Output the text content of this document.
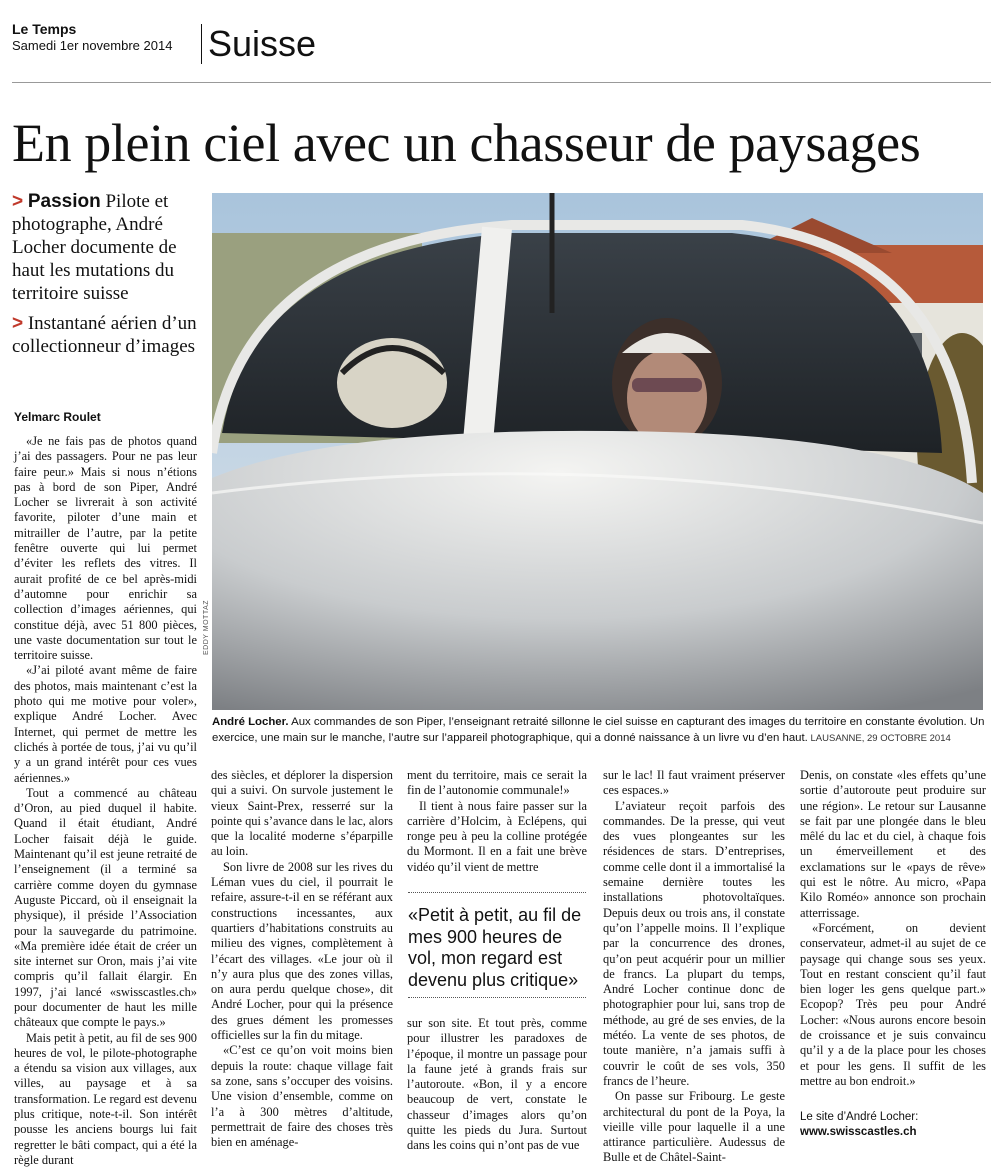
Le Temps
Samedi 1er novembre 2014 Suisse
En plein ciel avec un chasseur de paysages
> Passion Pilote et photographe, André Locher documente de haut les mutations du territoire suisse
> Instantané aérien d’un collectionneur d’images
Yelmarc Roulet
EDDY MOTTAZ
André Locher. Aux commandes de son Piper, l’enseignant retraité sillonne le ciel suisse en capturant des images du territoire en constante évolution. Un exercice, une main sur le manche, l’autre sur l’appareil photographique, qui a donné naissance à un livre vu d’en haut. LAUSANNE, 29 OCTOBRE 2014

«Je ne fais pas de photos quand j’ai des passagers. Pour ne pas leur faire peur.» Mais si nous n’étions pas à bord de son Piper, André Locher se livrerait à son activité favorite, piloter d’une main et mitrailler de l’autre, par la petite fenêtre ouverte qui lui permet d’éviter les reflets des vitres. Il aurait profité de ce bel après-midi d’automne pour enrichir sa collection d’images aériennes, qui constitue déjà, avec 51 800 pièces, une vaste documentation sur tout le territoire suisse.

«J’ai piloté avant même de faire des photos, mais maintenant c’est la photo qui me motive pour voler», explique André Locher. Avec Internet, qui permet de mettre les clichés à portée de tous, j’ai vu qu’il y a un grand intérêt pour ces vues aériennes.»

Tout a commencé au château d’Oron, au pied duquel il habite. Quand il était étudiant, André Locher faisait déjà le guide. Maintenant qu’il est jeune retraité de l’enseignement (il a terminé sa carrière comme doyen du gymnase Auguste Piccard, où il enseignait la physique), il préside l’Association pour la sauvegarde du patrimoine. «Ma première idée était de créer un site internet sur Oron, mais j’ai vite compris qu’il fallait élargir. En 1997, j’ai lancé «swisscastles.ch» pour documenter de haut les mille châteaux que compte le pays.»

Mais petit à petit, au fil de ses 900 heures de vol, le pilote-photographe a étendu sa vision aux villages, aux villes, au paysage et à sa transformation. Le regard est devenu plus critique, note-t-il. Son intérêt pousse les anciens bourgs lui fait regretter le bâti compact, qui a été la règle durant

des siècles, et déplorer la dispersion qui a suivi. On survole justement le vieux Saint-Prex, resserré sur la pointe qui s’avance dans le lac, alors que la localité moderne s’éparpille au loin.

Son livre de 2008 sur les rives du Léman vues du ciel, il pourrait le refaire, assure-t-il en se référant aux constructions incessantes, aux quartiers d’habitations construits au milieu des vignes, complètement à l’écart des villages. «Le jour où il n’y aura plus que des zones villas, on aura perdu quelque chose», dit André Locher, pour qui la présence des grues dément les promesses officielles sur la fin du mitage.

«C’est ce qu’on voit moins bien depuis la route: chaque village fait sa zone, sans s’occuper des voisins. Une vision d’ensemble, comme on l’a à 300 mètres d’altitude, permettrait de faire des choses très bien en aménage-

ment du territoire, mais ce serait la fin de l’autonomie communale!»

Il tient à nous faire passer sur la carrière d’Holcim, à Eclépens, qui ronge peu à peu la colline protégée du Mormont. Il en a fait une brève vidéo qu’il vient de mettre

«Petit à petit, au fil de mes 900 heures de vol, mon regard est devenu plus critique»

sur son site. Et tout près, comme pour illustrer les paradoxes de l’époque, il montre un passage pour la faune jeté à grands frais sur l’autoroute. «Bon, il y a encore beaucoup de vert, constate le chasseur d’images alors qu’on quitte les pieds du Jura. Surtout dans les coins qui n’ont pas de vue

sur le lac! Il faut vraiment préserver ces espaces.»

L’aviateur reçoit parfois des commandes. De la presse, qui veut des vues plongeantes sur les résidences de stars. D’entreprises, comme celle dont il a immortalisé la semaine dernière toutes les installations photovoltaïques. Depuis deux ou trois ans, il constate qu’on l’appelle moins. Il l’explique par la concurrence des drones, qu’on peut acquérir pour un millier de francs. La plupart du temps, André Locher continue donc de photographier pour lui, sans trop de méthode, au gré de ses envies, de la météo. La vente de ses photos, de toute manière, n’a jamais suffi à couvrir le coût de ses vols, 350 francs de l’heure.

On passe sur Fribourg. Le geste architectural du pont de la Poya, la vieille ville pour laquelle il a une attirance particulière. Audessus de Bulle et de Châtel-Saint-

Denis, on constate «les effets qu’une sortie d’autoroute peut produire sur une région». Le retour sur Lausanne se fait par une plongée dans le bleu mêlé du lac et du ciel, à chaque fois un émerveillement et des exclamations sur le «pays de rêve» qui est le nôtre. Au micro, «Papa Kilo Roméo» annonce son prochain atterrissage.

«Forcément, on devient conservateur, admet-il au sujet de ce paysage qui change sous ses yeux. Tout en restant conscient qu’il faut bien loger les gens quelque part.» Ecopop? Très peu pour André Locher: «Nous aurons encore besoin de croissance et je suis convaincu qu’il y a de la place pour les choses et pour les gens. Il suffit de les mettre au bon endroit.»

Le site d’André Locher:
www.swisscastles.ch
